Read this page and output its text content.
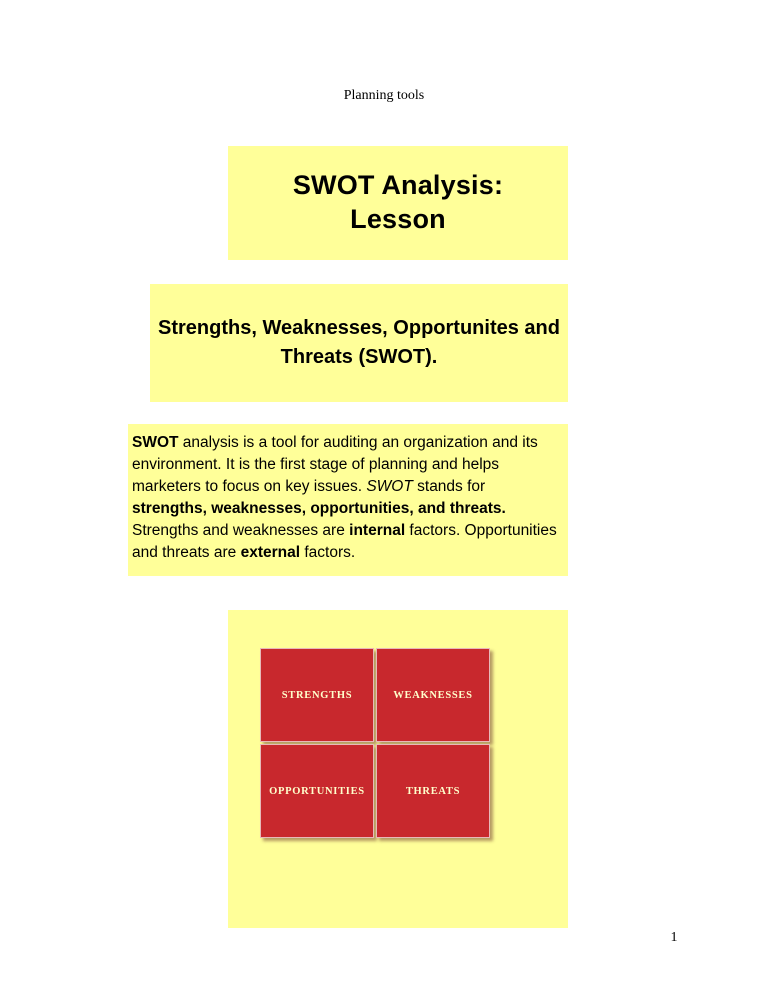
Planning tools
SWOT Analysis:
Lesson
Strengths, Weaknesses, Opportunites and Threats (SWOT).
SWOT analysis is a tool for auditing an organization and its environment. It is the first stage of planning and helps marketers to focus on key issues. SWOT stands for strengths, weaknesses, opportunities, and threats. Strengths and weaknesses are internal factors. Opportunities and threats are external factors.
STRENGTHS	WEAKNESSES
OPPORTUNITIES	THREATS
1
